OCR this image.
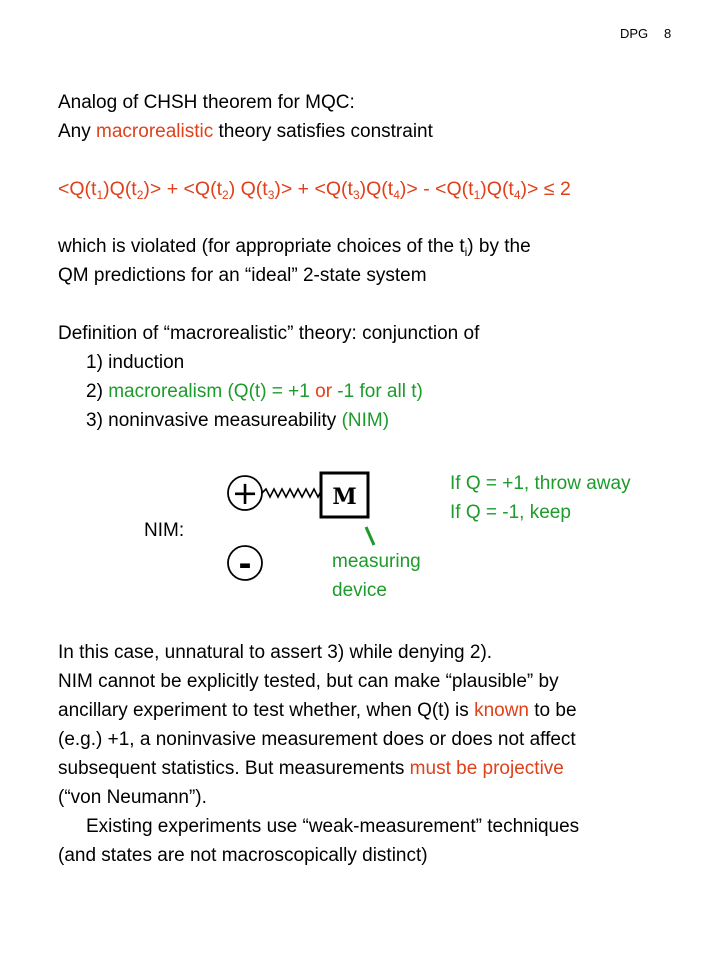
DPG 8
Analog of CHSH theorem for MQC:
Any macrorealistic theory satisfies constraint
$<Q(t_1)Q(t_2)> + <Q(t_2) Q(t_3)> + <Q(t_3)Q(t_4)> - <Q(t_1)Q(t_4)> \le 2$
which is violated (for appropriate choices of the $t_i$) by the
QM predictions for an “ideal” 2-state system
Definition of “macrorealistic” theory: conjunction of
1) induction
2) macrorealism (Q(t) = +1 or -1 for all t)
3) noninvasive measureability (NIM)
+
-
M
NIM:
measuring
device
If Q = +1, throw away
If Q = -1, keep
In this case, unnatural to assert 3) while denying 2).
NIM cannot be explicitly tested, but can make “plausible” by
ancillary experiment to test whether, when Q(t) is known to be
(e.g.) +1, a noninvasive measurement does or does not affect
subsequent statistics. But measurements must be projective
(“von Neumann”).
Existing experiments use “weak-measurement” techniques
(and states are not macroscopically distinct)
